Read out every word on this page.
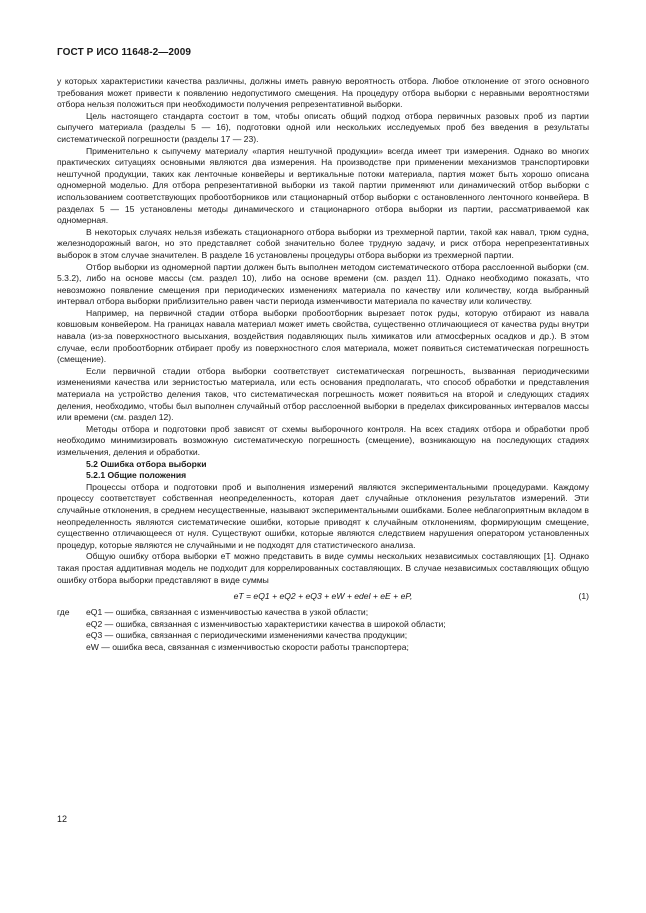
ГОСТ Р ИСО 11648-2—2009

у которых характеристики качества различны, должны иметь равную вероятность отбора. Любое отклонение от этого основного требования может привести к появлению недопустимого смещения. На процедуру отбора выборки с неравными вероятностями отбора нельзя положиться при необходимости получения репрезентативной выборки.

Цель настоящего стандарта состоит в том, чтобы описать общий подход отбора первичных разовых проб из партии сыпучего материала (разделы 5 — 16), подготовки одной или нескольких исследуемых проб без введения в результаты систематической погрешности (разделы 17 — 23).

Применительно к сыпучему материалу «партия нештучной продукции» всегда имеет три измерения. Однако во многих практических ситуациях основными являются два измерения. На производстве при применении механизмов транспортировки нештучной продукции, таких как ленточные конвейеры и вертикальные потоки материала, партия может быть хорошо описана одномерной моделью. Для отбора репрезентативной выборки из такой партии применяют или динамический отбор выборки с использованием соответствующих пробоотборников или стационарный отбор выборки с остановленного ленточного конвейера. В разделах 5 — 15 установлены методы динамического и стационарного отбора выборки из партии, рассматриваемой как одномерная.

В некоторых случаях нельзя избежать стационарного отбора выборки из трехмерной партии, такой как навал, трюм судна, железнодорожный вагон, но это представляет собой значительно более трудную задачу, и риск отбора нерепрезентативных выборок в этом случае значителен. В разделе 16 установлены процедуры отбора выборки из трехмерной партии.

Отбор выборки из одномерной партии должен быть выполнен методом систематического отбора расслоенной выборки (см. 5.3.2), либо на основе массы (см. раздел 10), либо на основе времени (см. раздел 11). Однако необходимо показать, что невозможно появление смещения при периодических изменениях материала по качеству или количеству, когда выбранный интервал отбора выборки приблизительно равен части периода изменчивости материала по качеству или количеству.

Например, на первичной стадии отбора выборки пробоотборник вырезает поток руды, которую отбирают из навала ковшовым конвейером. На границах навала материал может иметь свойства, существенно отличающиеся от качества руды внутри навала (из-за поверхностного высыхания, воздействия подавляющих пыль химикатов или атмосферных осадков и др.). В этом случае, если пробоотборник отбирает пробу из поверхностного слоя материала, может появиться систематическая погрешность (смещение).

Если первичной стадии отбора выборки соответствует систематическая погрешность, вызванная периодическими изменениями качества или зернистостью материала, или есть основания предполагать, что способ обработки и представления материала на устройство деления таков, что систематическая погрешность может появиться на второй и следующих стадиях деления, необходимо, чтобы был выполнен случайный отбор расслоенной выборки в пределах фиксированных интервалов массы или времени (см. раздел 12).

Методы отбора и подготовки проб зависят от схемы выборочного контроля. На всех стадиях отбора и обработки проб необходимо минимизировать возможную систематическую погрешность (смещение), возникающую на последующих стадиях измельчения, деления и обработки.

5.2 Ошибка отбора выборки
5.2.1 Общие положения

Процессы отбора и подготовки проб и выполнения измерений являются экспериментальными процедурами. Каждому процессу соответствует собственная неопределенность, которая дает случайные отклонения результатов измерений. Эти случайные отклонения, в среднем несущественные, называют экспериментальными ошибками. Более неблагоприятным вкладом в неопределенность являются систематические ошибки, которые приводят к случайным отклонениям, формирующим смещение, существенно отличающееся от нуля. Существуют ошибки, которые являются следствием нарушения оператором установленных процедур, которые являются не случайными и не подходят для статистического анализа.

Общую ошибку отбора выборки eT можно представить в виде суммы нескольких независимых составляющих [1]. Однако такая простая аддитивная модель не подходит для коррелированных составляющих. В случае независимых составляющих общую ошибку отбора выборки представляют в виде суммы

eT = eQ1 + eQ2 + eQ3 + eW + edel + eE + eP,	(1)
где	eQ1 — ошибка, связанная с изменчивостью качества в узкой области;
eQ2 — ошибка, связанная с изменчивостью характеристики качества в широкой области;
eQ3 — ошибка, связанная с периодическими изменениями качества продукции;
eW — ошибка веса, связанная с изменчивостью скорости работы транспортера;
12
